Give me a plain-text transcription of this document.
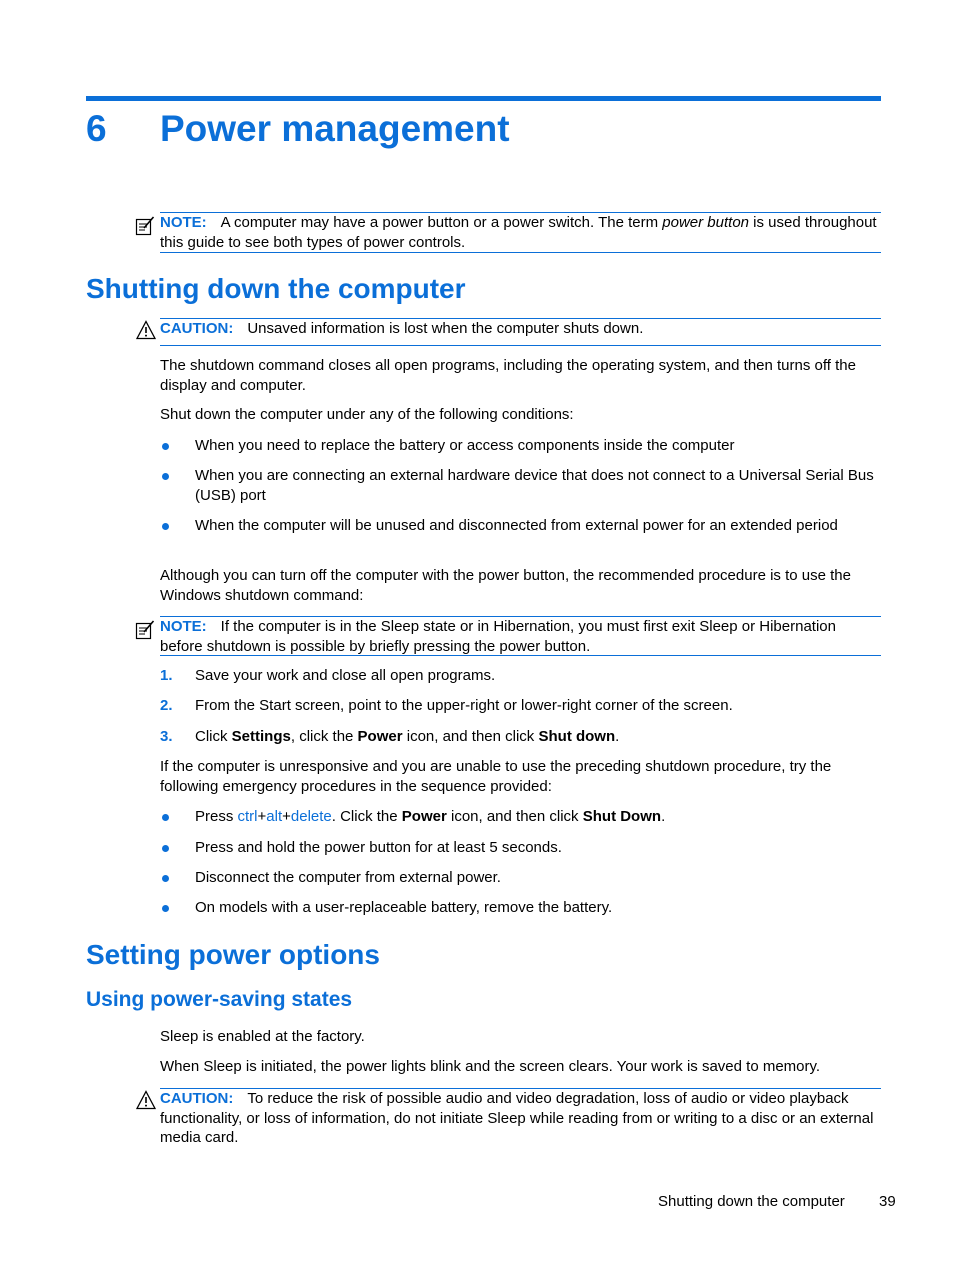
6 Power management
NOTE: A computer may have a power button or a power switch. The term power button is used throughout this guide to see both types of power controls.
Shutting down the computer
CAUTION: Unsaved information is lost when the computer shuts down.

The shutdown command closes all open programs, including the operating system, and then turns off the display and computer.

Shut down the computer under any of the following conditions:

When you need to replace the battery or access components inside the computer
When you are connecting an external hardware device that does not connect to a Universal Serial Bus (USB) port
When the computer will be unused and disconnected from external power for an extended period

Although you can turn off the computer with the power button, the recommended procedure is to use the Windows shutdown command:

NOTE: If the computer is in the Sleep state or in Hibernation, you must first exit Sleep or Hibernation before shutdown is possible by briefly pressing the power button.
1. Save your work and close all open programs.
2. From the Start screen, point to the upper-right or lower-right corner of the screen.
3. Click Settings, click the Power icon, and then click Shut down.

If the computer is unresponsive and you are unable to use the preceding shutdown procedure, try the following emergency procedures in the sequence provided:

Press ctrl+alt+delete. Click the Power icon, and then click Shut Down.
Press and hold the power button for at least 5 seconds.
Disconnect the computer from external power.
On models with a user-replaceable battery, remove the battery.
Setting power options
Using power-saving states

Sleep is enabled at the factory.

When Sleep is initiated, the power lights blink and the screen clears. Your work is saved to memory.

CAUTION: To reduce the risk of possible audio and video degradation, loss of audio or video playback functionality, or loss of information, do not initiate Sleep while reading from or writing to a disc or an external media card.
Shutting down the computer 39
